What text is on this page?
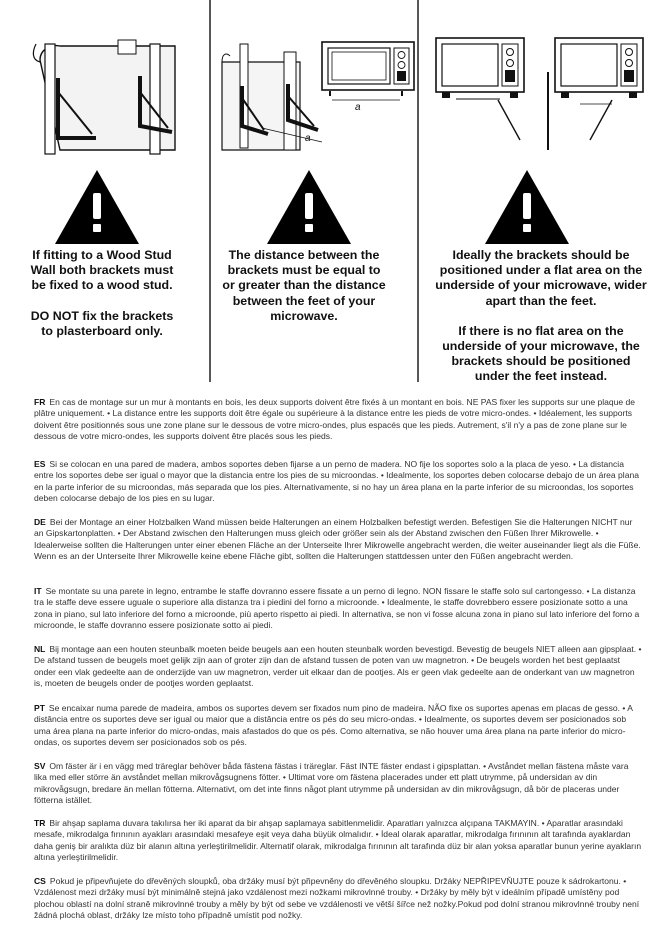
a
a

If fitting to a Wood Stud Wall both brackets must be fixed to a wood stud.

DO NOT fix the brackets to plasterboard only.

The distance between the brackets must be equal to or greater than the distance between the feet of your microwave.

Ideally the brackets should be positioned under a flat area on the underside of your microwave, wider apart than the feet.

If there is no flat area on the underside of your microwave, the brackets should be positioned under the feet instead.

FR En cas de montage sur un mur à montants en bois, les deux supports doivent être fixés à un montant en bois. NE PAS fixer les supports sur une plaque de plâtre uniquement. • La distance entre les supports doit être égale ou supérieure à la distance entre les pieds de votre micro-ondes. • Idéalement, les supports doivent être positionnés sous une zone plane sur le dessous de votre micro-ondes, plus espacés que les pieds. Autrement, s'il n'y a pas de zone plane sur le dessous de votre micro-ondes, les supports doivent être placés sous les pieds.
ES Si se colocan en una pared de madera, ambos soportes deben fijarse a un perno de madera. NO fije los soportes solo a la placa de yeso. • La distancia entre los soportes debe ser igual o mayor que la distancia entre los pies de su microondas. • Idealmente, los soportes deben colocarse debajo de un área plana en la parte inferior de su microondas, más separada que los pies. Alternativamente, si no hay un área plana en la parte inferior de su microondas, los soportes deben colocarse debajo de los pies en su lugar.
DE Bei der Montage an einer Holzbalken Wand müssen beide Halterungen an einem Holzbalken befestigt werden. Befestigen Sie die Halterungen NICHT nur an Gipskartonplatten. • Der Abstand zwischen den Halterungen muss gleich oder größer sein als der Abstand zwischen den Füßen Ihrer Mikrowelle. • Idealerweise sollten die Halterungen unter einer ebenen Fläche an der Unterseite Ihrer Mikrowelle angebracht werden, die weiter auseinander liegt als die Füße. Wenn es an der Unterseite Ihrer Mikrowelle keine ebene Fläche gibt, sollten die Halterungen stattdessen unter den Füßen angebracht werden.
IT Se montate su una parete in legno, entrambe le staffe dovranno essere fissate a un perno di legno. NON fissare le staffe solo sul cartongesso. • La distanza tra le staffe deve essere uguale o superiore alla distanza tra i piedini del forno a microonde. • Idealmente, le staffe dovrebbero essere posizionate sotto a una zona in piano, sul lato inferiore del forno a microonde, più aperto rispetto ai piedi. In alternativa, se non vi fosse alcuna zona in piano sul lato inferiore del forno a microonde, le staffe dovranno essere posizionate sotto ai piedi.
NL Bij montage aan een houten steunbalk moeten beide beugels aan een houten steunbalk worden bevestigd. Bevestig de beugels NIET alleen aan gipsplaat. • De afstand tussen de beugels moet gelijk zijn aan of groter zijn dan de afstand tussen de poten van uw magnetron. • De beugels worden het best geplaatst onder een vlak gedeelte aan de onderzijde van uw magnetron, verder uit elkaar dan de pootjes. Als er geen vlak gedeelte aan de onderkant van uw magnetron is, moeten de beugels onder de pootjes worden geplaatst.
PT Se encaixar numa parede de madeira, ambos os suportes devem ser fixados num pino de madeira. NÃO fixe os suportes apenas em placas de gesso. • A distância entre os suportes deve ser igual ou maior que a distância entre os pés do seu micro-ondas. • Idealmente, os suportes devem ser posicionados sob uma área plana na parte inferior do micro-ondas, mais afastados do que os pés. Como alternativa, se não houver uma área plana na parte inferior do micro-ondas, os suportes devem ser posicionados sob os pés.
SV Om fäster är i en vägg med träreglar behöver båda fästena fästas i träreglar. Fäst INTE fäster endast i gipsplattan. • Avståndet mellan fästena måste vara lika med eller större än avståndet mellan mikrovågsugnens fötter. • Ultimat vore om fästena placerades under ett platt utrymme, på undersidan av din mikrovågsugn, bredare än mellan fötterna. Alternativt, om det inte finns något plant utrymme på undersidan av din mikrovågsugn, då bör de placeras under fötterna istället.
TR Bir ahşap saplama duvara takılırsa her iki aparat da bir ahşap saplamaya sabitlenmelidir. Aparatları yalnızca alçıpana TAKMAYIN. • Aparatlar arasındaki mesafe, mikrodalga fırınının ayakları arasındaki mesafeye eşit veya daha büyük olmalıdır. • İdeal olarak aparatlar, mikrodalga fırınının alt tarafında ayaklardan daha geniş bir aralıkta düz bir alanın altına yerleştirilmelidir. Alternatif olarak, mikrodalga fırınının alt tarafında düz bir alan yoksa aparatlar bunun yerine ayakların altına yerleştirilmelidir.
CS Pokud je připevňujete do dřevěných sloupků, oba držáky musí být připevněny do dřevěného sloupku. Držáky NEPŘIPEVŇUJTE pouze k sádrokartonu. • Vzdálenost mezi držáky musí být minimálně stejná jako vzdálenost mezi nožkami mikrovlnné trouby. • Držáky by měly být v ideálním případě umístěny pod plochou oblastí na dolní straně mikrovlnné trouby a měly by být od sebe ve vzdálenosti ve větší šířce než nožky.Pokud pod dolní stranou mikrovlnné trouby není žádná plochá oblast, držáky lze místo toho případně umístit pod nožky.
